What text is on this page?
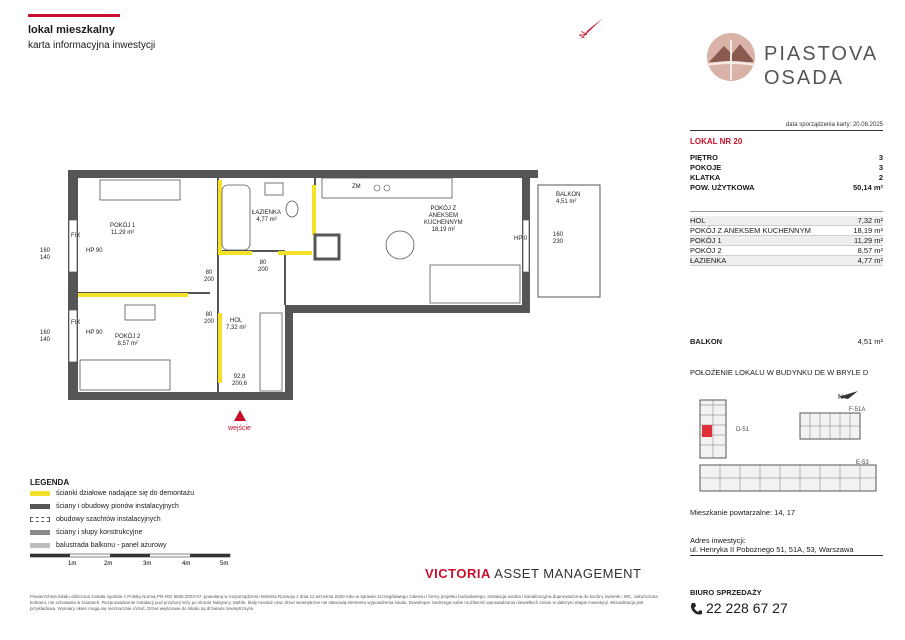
lokal mieszkalny
karta informacyjna inwestycji
N
PIASTOVA
OSADA
data sporządzenia karty: 20.08.2025
LOKAL NR 20
PIĘTRO	3
POKOJE	3
KLATKA	2
POW. UŻYTKOWA	50,14 m²
HOL	7,32 m²
POKÓJ Z ANEKSEM KUCHENNYM	18,19 m²
POKÓJ 1	11,29 m²
POKÓJ 2	8,57 m²
ŁAZIENKA	4,77 m²
BALKON	4,51 m²
POŁOŻENIE LOKALU W BUDYNKU DE W BRYLE D
N
D-51
F-51A
E-53
Mieszkanie powtarzalne: 14, 17
Adres inwestycji:
ul. Henryka II Pobożnego 51, 51A, 53, Warszawa
BIURO SPRZEDAŻY
22 228 67 27
POKÓJ 1
11,29 m²
POKÓJ 2
8,57 m²
ŁAZIENKA
4,77 m²
HOL
7,32 m²
POKÓJ Z
ANEKSEM
KUCHENNYM
18,19 m²
BALKON
4,51 m²
ZM
160
140
160
140
80
200
80
200
80
200
92,8
200,6
160
230
HP 90
HP 90
HP 0
FIX
FIX
wejście
LEGENDA
ścianki działowe nadające się do demontażu
ściany i obudowy pionów instalacyjnych
obudowy szachtów instalacyjnych
ściany i słupy konstrukcyjne
balustrada balkonu - panel ażurowy
1m	2m	3m	4m	5m
VICTORIA ASSET MANAGEMENT
Powierzchnia lokalu obliczona została zgodnie z Polską Normą PN-ISO 9836:2022-07, powołaną w rozporządzeniu Ministra Rozwoju z dnia 11 września 2020 roku w sprawie szczegółowego zakresu i formy projektu budowlanego. Instalacja wodna i kanalizacyjna doprowadzona do kuchni, łazienki i WC, zakończona korkami, nie schowana w ścianach. Rozprowadzenie instalacji pod przybory leży po stronie Nabywcy. Meble, biały montaż oraz drzwi wewnętrzne nie stanowią elementu wyposażenia lokalu. Deweloper zastrzega sobie możliwość wprowadzania niewielkich zmian w dalszym etapie inwestycji. Wizualizacja jest przykładowa. Wymiary okien mogą się nieznacznie różnić. Drzwi wejściowe do lokalu są drzwiami zewnętrznymi.
